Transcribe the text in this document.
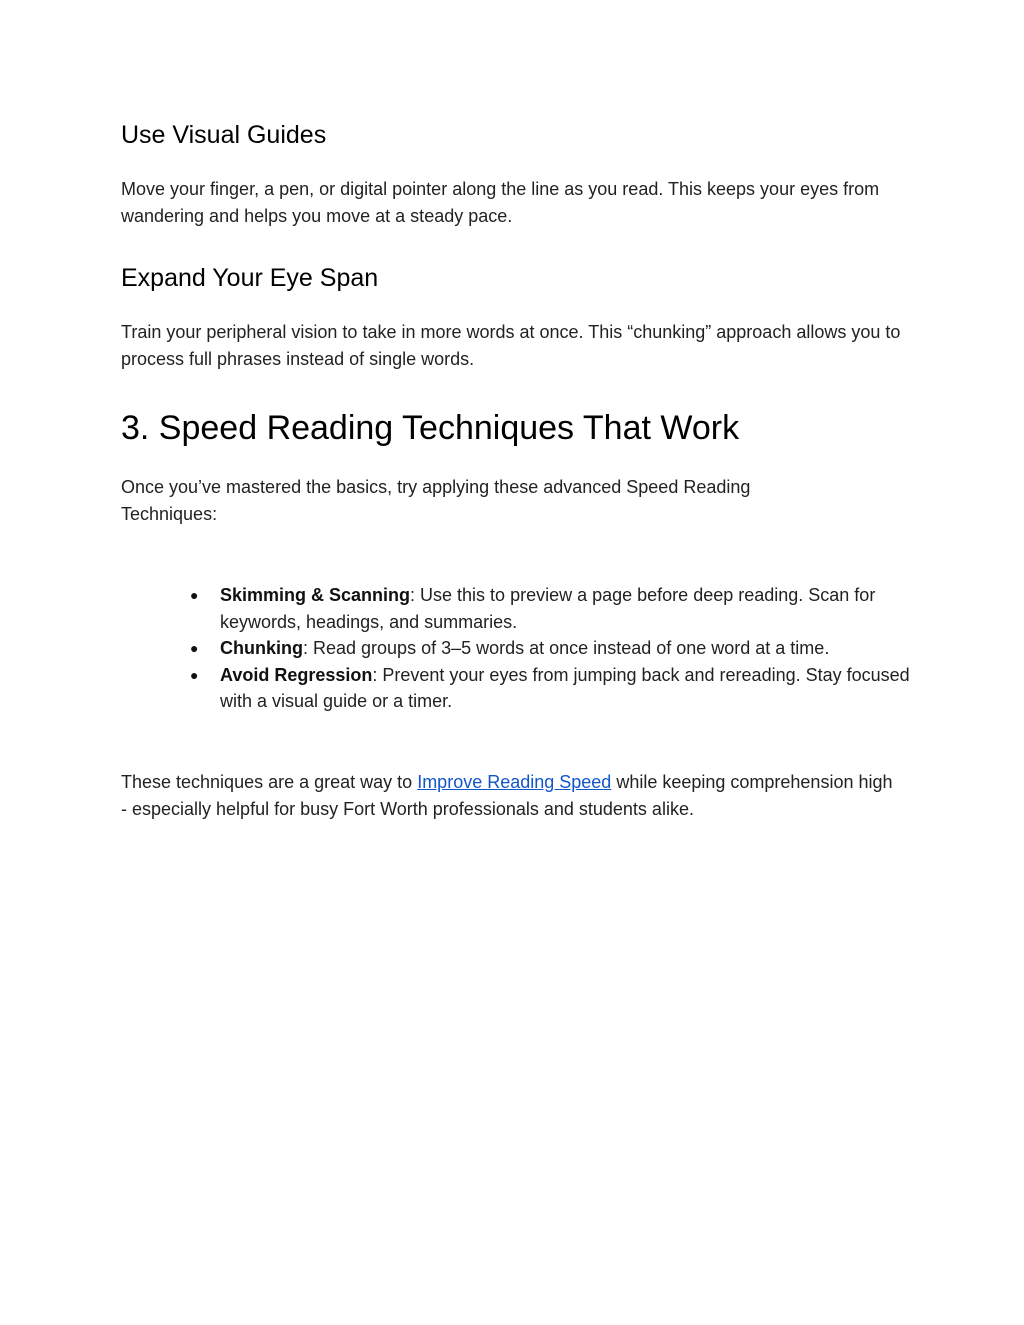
Use Visual Guides

Move your finger, a pen, or digital pointer along the line as you read. This keeps your eyes from wandering and helps you move at a steady pace.

Expand Your Eye Span

Train your peripheral vision to take in more words at once. This “chunking” approach allows you to process full phrases instead of single words.

3. Speed Reading Techniques That Work

Once you’ve mastered the basics, try applying these advanced Speed Reading Techniques:

● Skimming & Scanning: Use this to preview a page before deep reading. Scan for keywords, headings, and summaries.
● Chunking: Read groups of 3–5 words at once instead of one word at a time.
● Avoid Regression: Prevent your eyes from jumping back and rereading. Stay focused with a visual guide or a timer.

These techniques are a great way to Improve Reading Speed while keeping comprehension high - especially helpful for busy Fort Worth professionals and students alike.
